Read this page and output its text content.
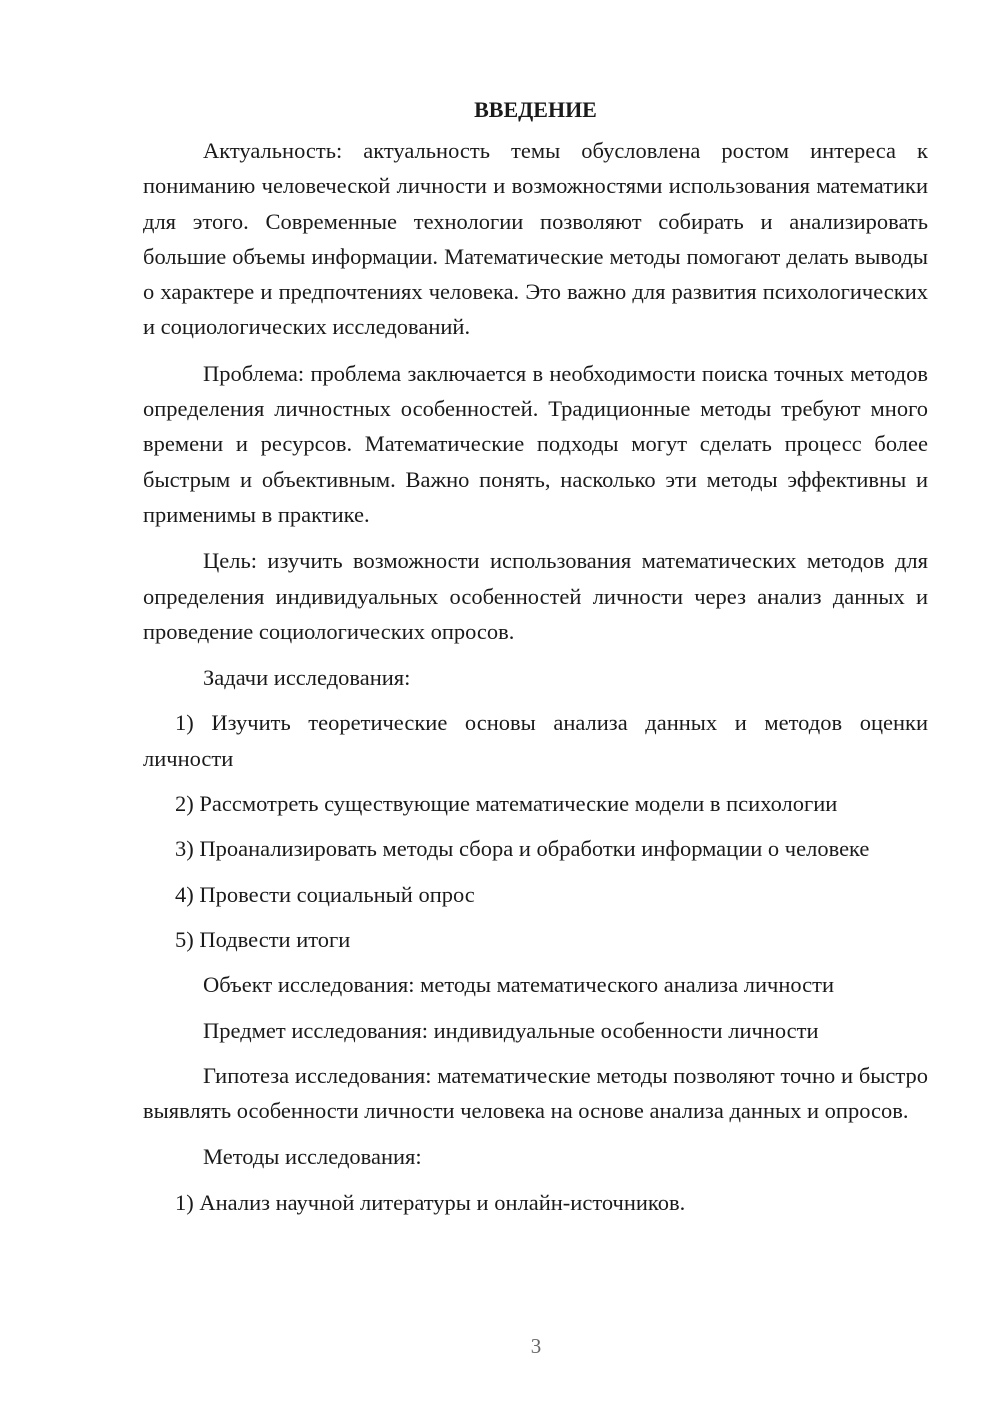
ВВЕДЕНИЕ

Актуальность: актуальность темы обусловлена ростом интереса к пониманию человеческой личности и возможностями использования математики для этого. Современные технологии позволяют собирать и анализировать большие объемы информации. Математические методы помогают делать выводы о характере и предпочтениях человека. Это важно для развития психологических и социологических исследований.

Проблема: проблема заключается в необходимости поиска точных методов определения личностных особенностей. Традиционные методы требуют много времени и ресурсов. Математические подходы могут сделать процесс более быстрым и объективным. Важно понять, насколько эти методы эффективны и применимы в практике.

Цель: изучить возможности использования математических методов для определения индивидуальных особенностей личности через анализ данных и проведение социологических опросов.

Задачи исследования:

1) Изучить теоретические основы анализа данных и методов оценки личности

2) Рассмотреть существующие математические модели в психологии

3) Проанализировать методы сбора и обработки информации о человеке

4) Провести социальный опрос

5) Подвести итоги

Объект исследования: методы математического анализа личности

Предмет исследования: индивидуальные особенности личности

Гипотеза исследования: математические методы позволяют точно и быстро выявлять особенности личности человека на основе анализа данных и опросов.

Методы исследования:

1) Анализ научной литературы и онлайн-источников.

3
